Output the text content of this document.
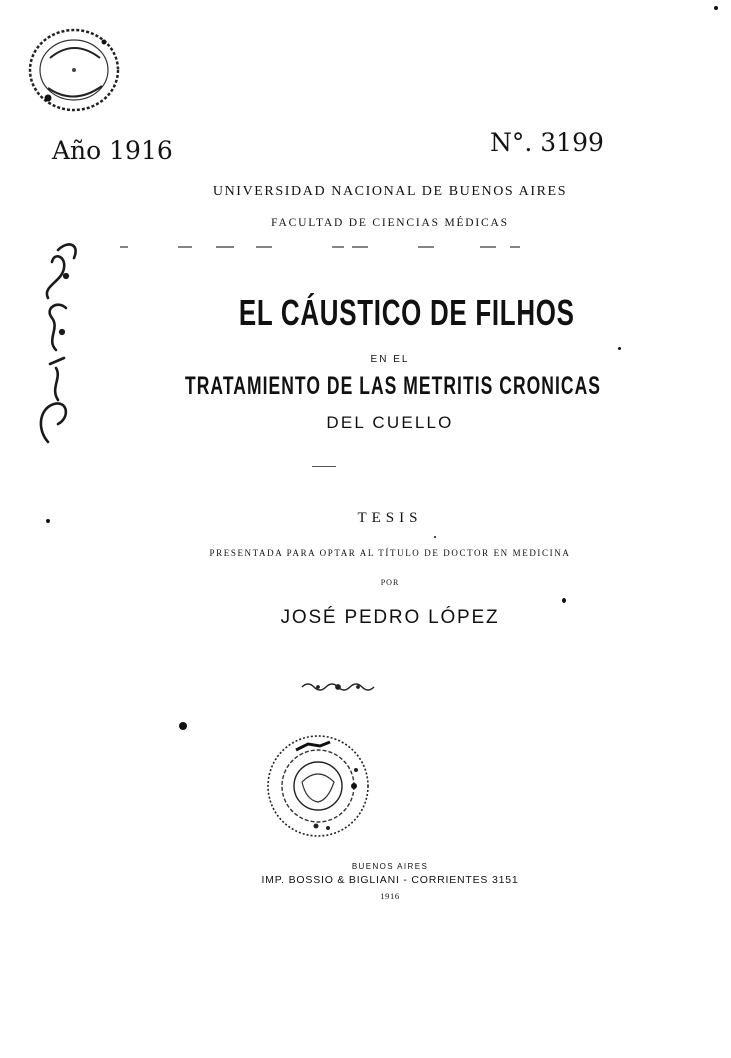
Año 1916	N°. 3199
UNIVERSIDAD NACIONAL DE BUENOS AIRES
FACULTAD DE CIENCIAS MÉDICAS
EL CÁUSTICO DE FILHOS
EN EL
TRATAMIENTO DE LAS METRITIS CRONICAS
DEL CUELLO
TESIS
PRESENTADA PARA OPTAR AL TÍTULO DE DOCTOR EN MEDICINA
POR
JOSÉ PEDRO LÓPEZ
BUENOS AIRES
IMP. BOSSIO & BIGLIANI - CORRIENTES 3151
1916
